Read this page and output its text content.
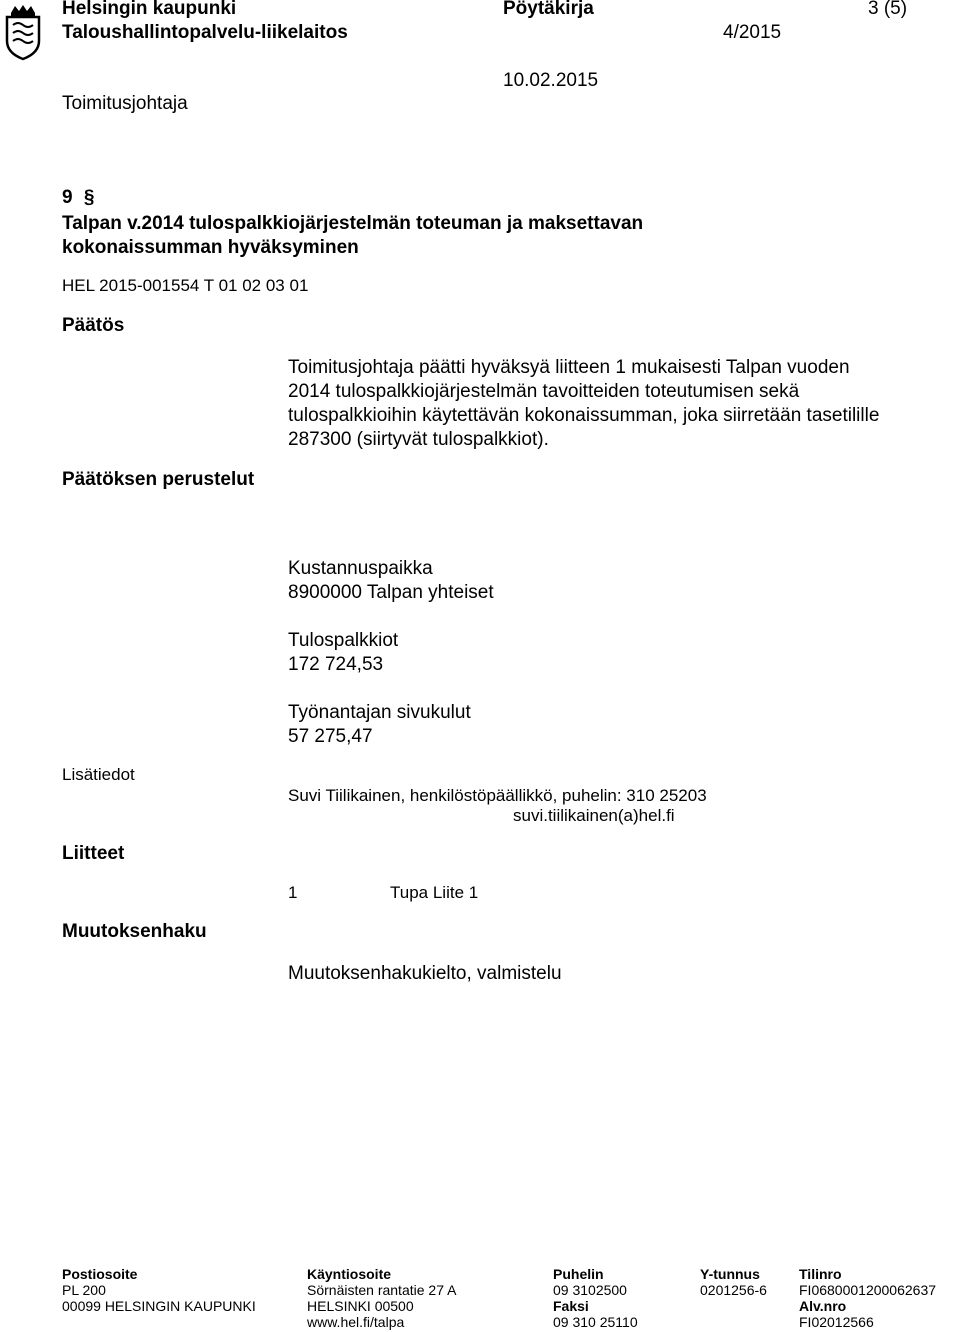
Helsingin kaupunki
Taloushallintopalvelu-liikelaitos
Pöytäkirja	3 (5)
4/2015
Toimitusjohtaja
10.02.2015
9 §
Talpan v.2014 tulospalkkiojärjestelmän toteuman ja maksettavan
kokonaissumman hyväksyminen
HEL 2015-001554 T 01 02 03 01
Päätös
Toimitusjohtaja päätti hyväksyä liitteen 1 mukaisesti Talpan vuoden
2014 tulospalkkiojärjestelmän tavoitteiden toteutumisen sekä
tulospalkkioihin käytettävän kokonaissumman, joka siirretään tasetilille
287300 (siirtyvät tulospalkkiot).
Päätöksen perustelut
Kustannuspaikka
8900000 Talpan yhteiset
Tulospalkkiot
172 724,53
Työnantajan sivukulut
57 275,47
Lisätiedot
Suvi Tiilikainen, henkilöstöpäällikkö, puhelin: 310 25203
suvi.tiilikainen(a)hel.fi
Liitteet
1	Tupa Liite 1
Muutoksenhaku
Muutoksenhakukielto, valmistelu
Postiosoite
PL 200
00099 HELSINGIN KAUPUNKI
Käyntiosoite
Sörnäisten rantatie 27 A
HELSINKI 00500
www.hel.fi/talpa
Puhelin
09 3102500
Faksi
09 310 25110
Y-tunnus
0201256-6
Tilinro
FI0680001200062637
Alv.nro
FI02012566
